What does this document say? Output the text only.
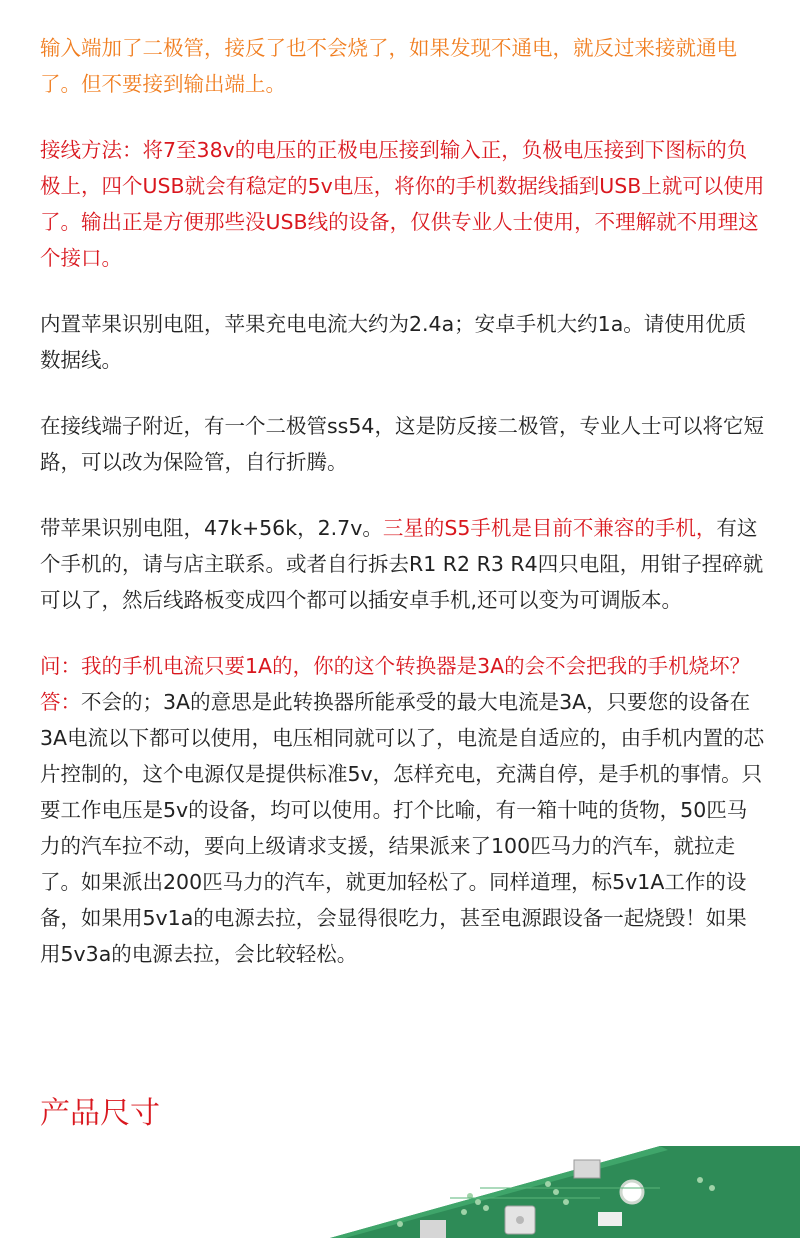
输入端加了二极管，接反了也不会烧了，如果发现不通电，就反过来接就通电了。但不要接到输出端上。

接线方法：将7至38v的电压的正极电压接到输入正，负极电压接到下图标的负极上，四个USB就会有稳定的5v电压，将你的手机数据线插到USB上就可以使用了。输出正是方便那些没USB线的设备，仅供专业人士使用，不理解就不用理这个接口。

内置苹果识别电阻，苹果充电电流大约为2.4a；安卓手机大约1a。请使用优质数据线。

在接线端子附近，有一个二极管ss54，这是防反接二极管，专业人士可以将它短路，可以改为保险管，自行折腾。

带苹果识别电阻，47k+56k，2.7v。三星的S5手机是目前不兼容的手机，有这个手机的，请与店主联系。或者自行拆去R1 R2 R3 R4四只电阻，用钳子捏碎就可以了，然后线路板变成四个都可以插安卓手机,还可以变为可调版本。

问：我的手机电流只要1A的，你的这个转换器是3A的会不会把我的手机烧坏？

答：不会的；3A的意思是此转换器所能承受的最大电流是3A，只要您的设备在3A电流以下都可以使用，电压相同就可以了，电流是自适应的，由手机内置的芯片控制的，这个电源仅是提供标准5v，怎样充电，充满自停，是手机的事情。只要工作电压是5v的设备，均可以使用。打个比喻，有一箱十吨的货物，50匹马力的汽车拉不动，要向上级请求支援，结果派来了100匹马力的汽车，就拉走了。如果派出200匹马力的汽车，就更加轻松了。同样道理，标5v1A工作的设备，如果用5v1a的电源去拉，会显得很吃力，甚至电源跟设备一起烧毁！如果用5v3a的电源去拉，会比较轻松。

产品尺寸
